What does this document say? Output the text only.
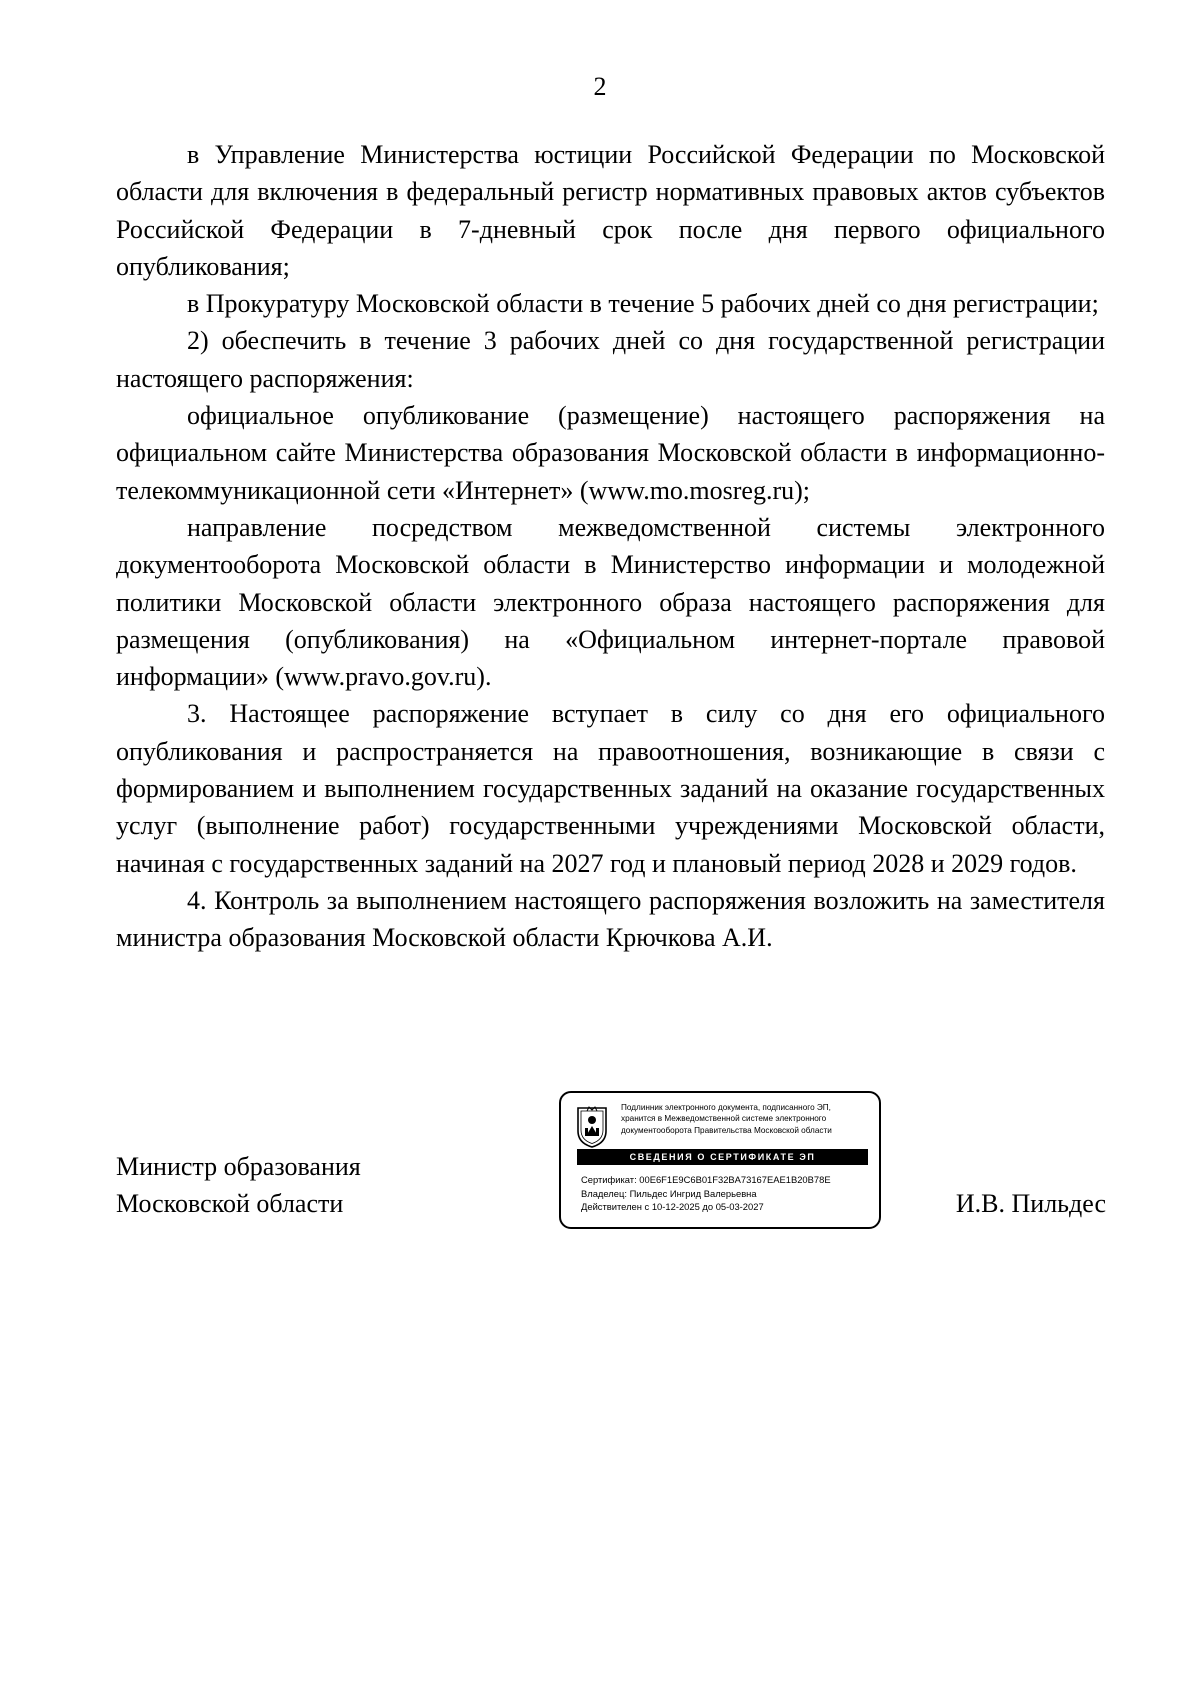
2

в Управление Министерства юстиции Российской Федерации по Московской области для включения в федеральный регистр нормативных правовых актов субъектов Российской Федерации в 7-дневный срок после дня первого официального опубликования;

в Прокуратуру Московской области в течение 5 рабочих дней со дня регистрации;

2) обеспечить в течение 3 рабочих дней со дня государственной регистрации настоящего распоряжения:

официальное опубликование (размещение) настоящего распоряжения на официальном сайте Министерства образования Московской области в информационно-телекоммуникационной сети «Интернет» (www.mo.mosreg.ru);

направление посредством межведомственной системы электронного документооборота Московской области в Министерство информации и молодежной политики Московской области электронного образа настоящего распоряжения для размещения (опубликования) на «Официальном интернет-портале правовой информации» (www.pravo.gov.ru).

3. Настоящее распоряжение вступает в силу со дня его официального опубликования и распространяется на правоотношения, возникающие в связи с формированием и выполнением государственных заданий на оказание государственных услуг (выполнение работ) государственными учреждениями Московской области, начиная с государственных заданий на 2027 год и плановый период 2028 и 2029 годов.

4. Контроль за выполнением настоящего распоряжения возложить на заместителя министра образования Московской области Крючкова А.И.

Министр образования
Московской области
Подлинник электронного документа, подписанного ЭП,
хранится в Межведомственной системе электронного
документооборота Правительства Московской области
СВЕДЕНИЯ О СЕРТИФИКАТЕ ЭП
Сертификат: 00E6F1E9C6B01F32BA73167EAE1B20B78E
Владелец: Пильдес Ингрид Валерьевна
Действителен с 10-12-2025 до 05-03-2027	И.В. Пильдес
